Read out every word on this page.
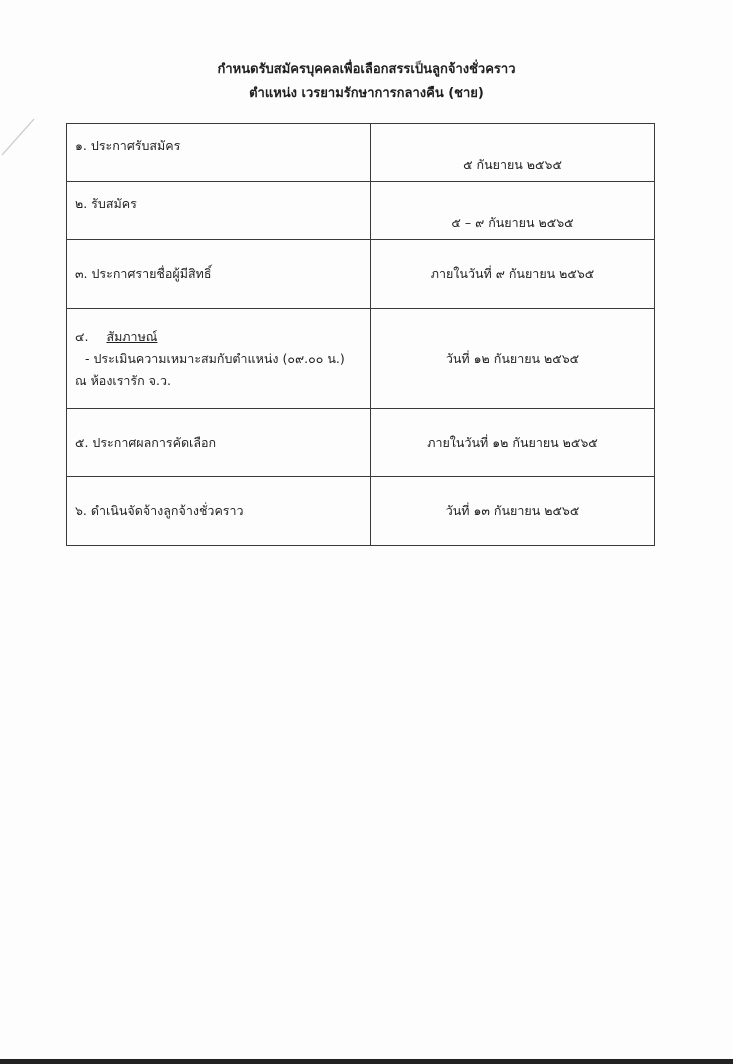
กำหนดรับสมัครบุคคลเพื่อเลือกสรรเป็นลูกจ้างชั่วคราว
ตำแหน่ง เวรยามรักษาการกลางคืน (ชาย)
๑. ประกาศรับสมัคร	๕ กันยายน ๒๕๖๕
๒. รับสมัคร	๕ – ๙ กันยายน ๒๕๖๕
๓. ประกาศรายชื่อผู้มีสิทธิ์	ภายในวันที่ ๙ กันยายน ๒๕๖๕

๔. สัมภาษณ์
- ประเมินความเหมาะสมกับตำแหน่ง (๐๙.๐๐ น.)
ณ ห้องเรารัก จ.ว.	วันที่ ๑๒ กันยายน ๒๕๖๕
๕. ประกาศผลการคัดเลือก	ภายในวันที่ ๑๒ กันยายน ๒๕๖๕
๖. ดำเนินจัดจ้างลูกจ้างชั่วคราว	วันที่ ๑๓ กันยายน ๒๕๖๕
